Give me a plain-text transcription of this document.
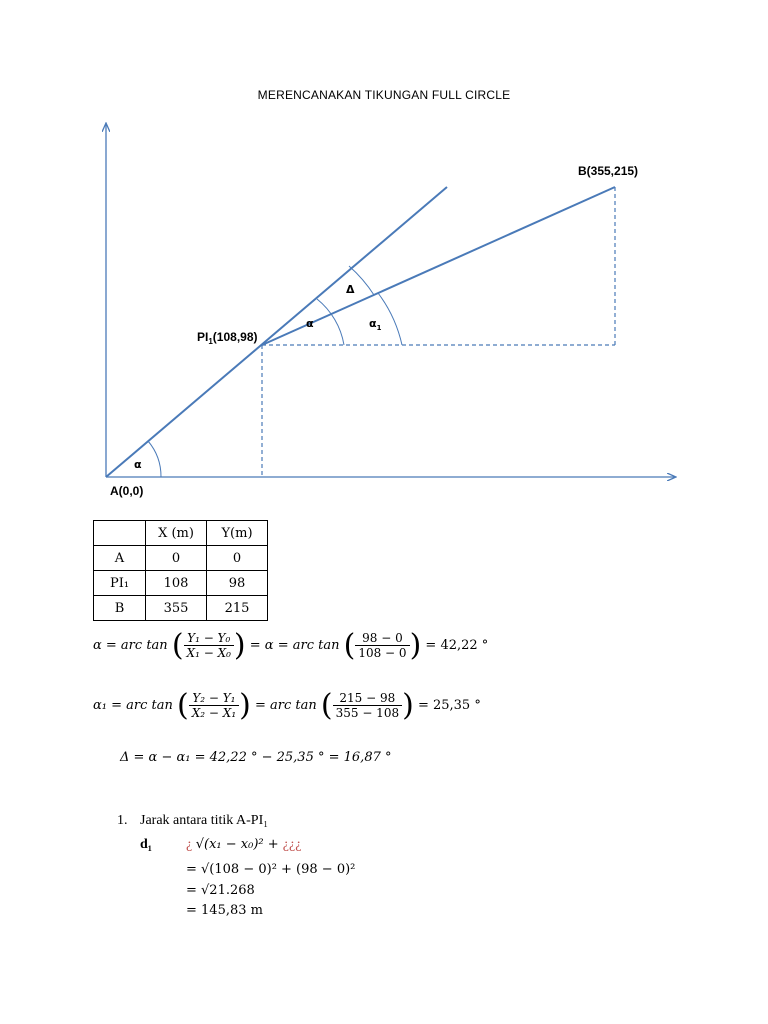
MERENCANAKAN TIKUNGAN FULL CIRCLE
B(355,215)
$PI_1(108,98)$
A(0,0)
Δ
α	$\alpha_1$
α
	X (m)	Y(m)
A	0	0
PI₁	108	98
B	355	215
α = arc tan ( $\frac{\text{Y₁ − Y₀}}{\text{X₁ − X₀}}$ ) = α = arc tan ( $\frac{98 - 0}{108 - 0}$ ) = 42,22 °
α₁ = arc tan ( $\frac{\text{Y₂ − Y₁}}{\text{X₂ − X₁}}$ ) = arc tan ( $\frac{215 - 98}{355 - 108}$ ) = 25,35 °
Δ = α − α₁ = 42,22 ° − 25,35 ° = 16,87 °
1. Jarak antara titik A-PI₁
d₁ ¿ √(x₁ − x₀)² + ¿¿¿
= √(108 − 0)² + (98 − 0)²
= √21.268
= 145,83 m
